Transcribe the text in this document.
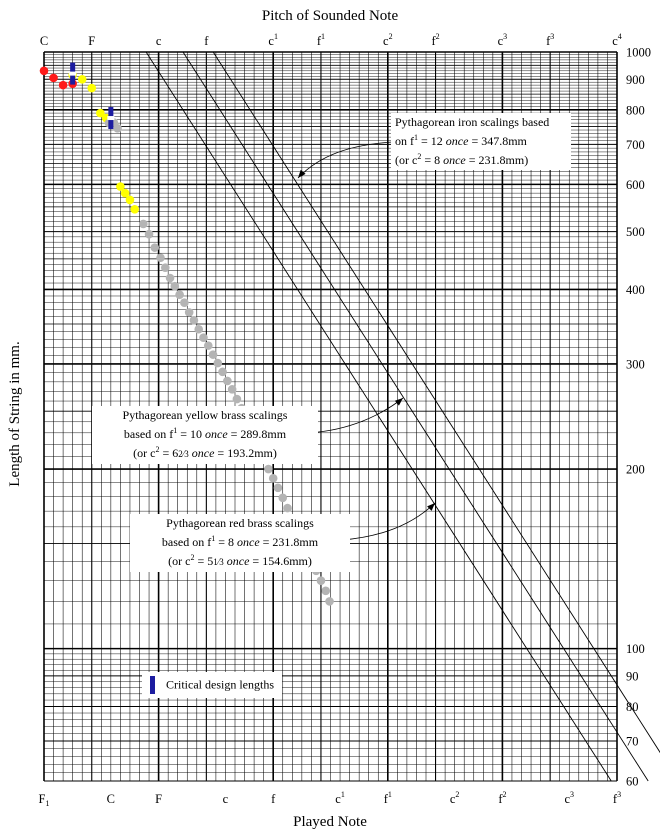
1000
900
800
700
600
500
400
300
200
100
90
80
70
60
C	F	c	f	$c^1$	$f^1$	$c^2$	$f^2$	$c^3$	$f^3$	$c^4$
$F_1$	C	F	c	f	$c^1$	$f^1$	$c^2$	$f^2$	$c^3$	$f^3$
Pitch of Sounded Note
Played Note
Length of String in mm.
Pythagorean iron scalings based
on $f^1 = 12$ once = 347.8mm
(or $c^2 = 8$ once = 231.8mm)
Pythagorean yellow brass scalings
based on $f^1 = 10$ once = 289.8mm
(or $c^2$ = 62⁄3 once = 193.2mm)
Pythagorean red brass scalings
based on $f^1 = 8$ once = 231.8mm
(or $c^2$ = 51⁄3 once = 154.6mm)
Critical design lengths
